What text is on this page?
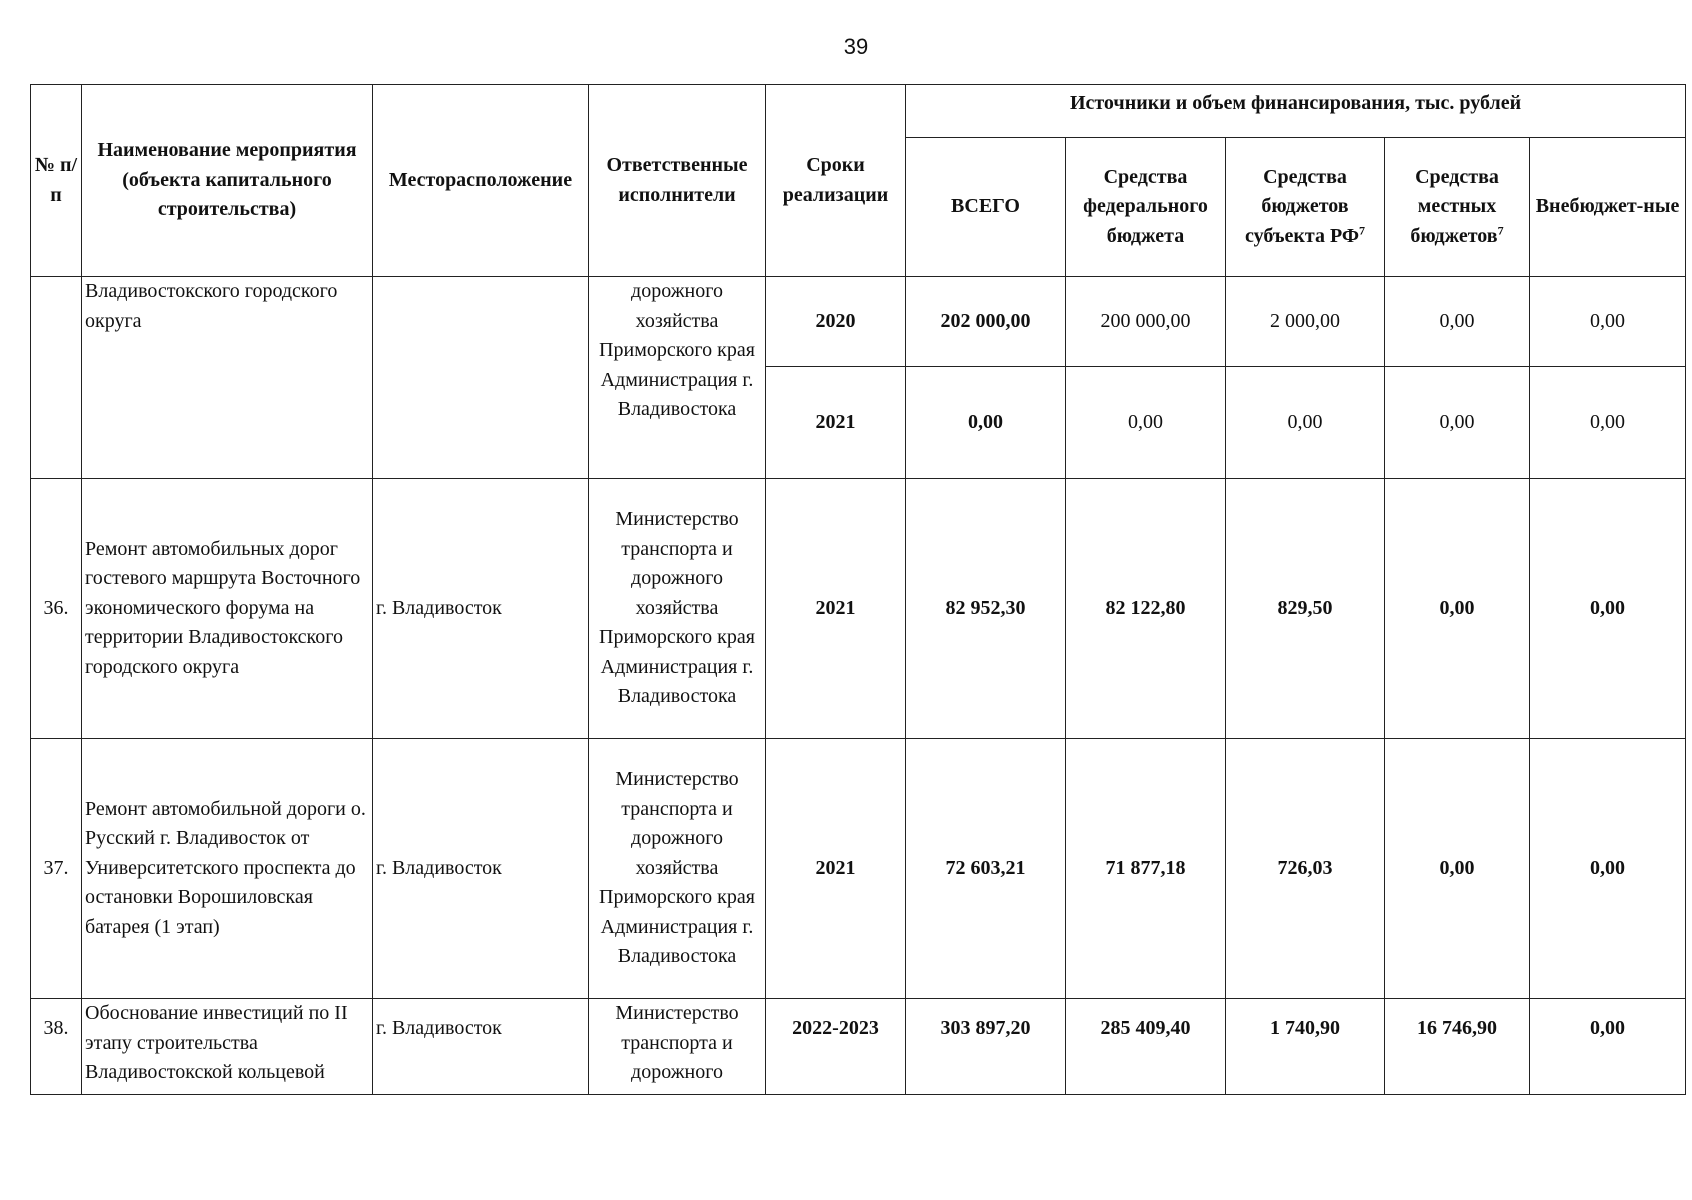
39
№ п/п	Наименование мероприятия (объекта капитального строительства)	Месторасположение	Ответственные исполнители	Сроки реализации	Источники и объем финансирования, тыс. рублей				
					ВСЕГО	Средства федерального бюджета	Средства бюджетов субъекта $РФ^7$	Средства местных бюджетов$^7$	Внебюджет-ные
	Владивостокского городского округа		дорожного хозяйства Приморского края Администрация г. Владивостока	2020	202 000,00	200 000,00	2 000,00	0,00	0,00
				2021	0,00	0,00	0,00	0,00	0,00
36.	Ремонт автомобильных дорог гостевого маршрута Восточного экономического форума на территории Владивостокского городского округа	г. Владивосток	Министерство транспорта и дорожного хозяйства Приморского края Администрация г. Владивостока	2021	82 952,30	82 122,80	829,50	0,00	0,00
37.	Ремонт автомобильной дороги о. Русский г. Владивосток от Университетского проспекта до остановки Ворошиловская батарея (1 этап)	г. Владивосток	Министерство транспорта и дорожного хозяйства Приморского края Администрация г. Владивостока	2021	72 603,21	71 877,18	726,03	0,00	0,00
38.	Обоснование инвестиций по II этапу строительства Владивостокской кольцевой	г. Владивосток	Министерство транспорта и дорожного	2022-2023	303 897,20	285 409,40	1 740,90	16 746,90	0,00
